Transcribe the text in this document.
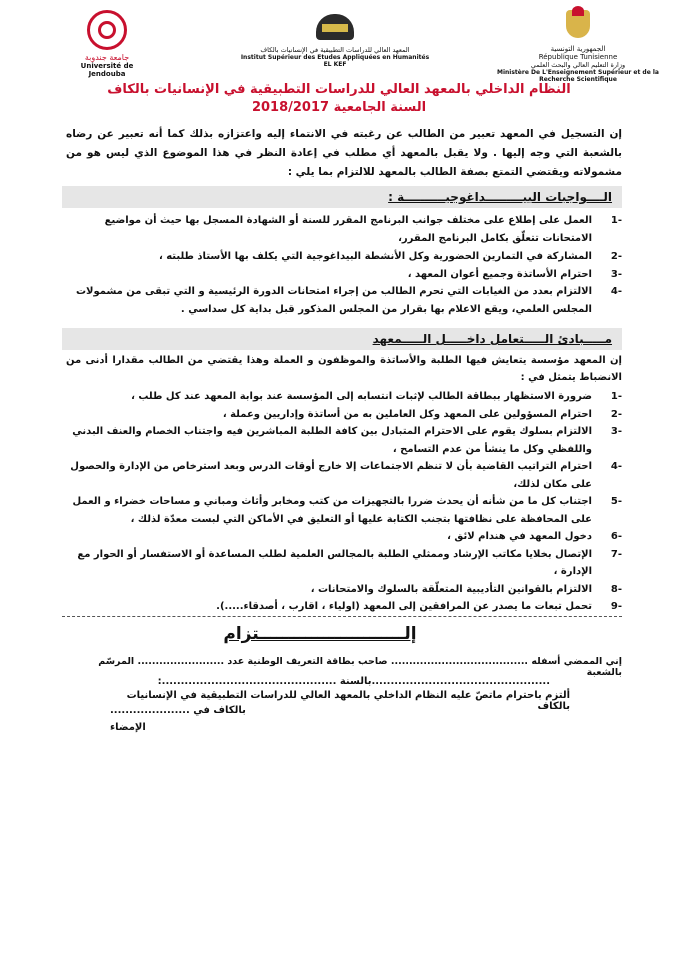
جامعة جندوبة
Université de Jendouba
المعهد العالي للدراسات التطبيقية في الإنسانيات بالكاف
Institut Supérieur des Etudes Appliquées en Humanités EL KEF
الجمهورية التونسية
République Tunisienne
وزارة التعليم العالي والبحث العلمي
Ministère De L'Enseignement Supérieur et de la Recherche Scientifique
النظام الداخلي بالمعهد العالي للدراسات التطبيقية في الإنسانيات بالكاف
السنة الجامعية 2018/2017
إن التسجيل في المعهد تعبير من الطالب عن رغبته في الانتماء إليه واعتزازه بذلك كما أنه تعبير عن رضاه بالشعبة التي وجه إليها . ولا يقبل بالمعهد أي مطلب في إعادة النظر في هذا الموضوع الذي ليس هو من مشمولاته ويقتضي التمتع بصفة الطالب بالمعهد للالتزام بما يلي :
الــــواجبات البيـــــــــداغوجيــــــــــة :
-1
العمل على إطلاع على مختلف جوانب البرنامج المقرر للسنة أو الشهادة المسجل بها حيث أن مواضيع الامتحانات تتعلّق بكامل البرنامج المقرر،
-2
المشاركة في التمارين الحضورية وكل الأنشطة البيداغوجية التي يكلف بها الأستاذ طلبته ،
-3
احترام الأساتذة وجميع أعوان المعهد ،
-4
الالتزام بعدد من الغيابات التي تحرم الطالب من إجراء امتحانات الدورة الرئيسية و التي تبقى من مشمولات المجلس العلمي، ويقع الاعلام بها بقرار من المجلس المذكور قبل بداية كل سداسي .
مـــــبادئ الـــــتعامل داخـــــل الـــــمعهد
إن المعهد مؤسسة يتعايش فيها الطلبة والأساتذة والموظفون و العملة وهذا يقتضي من الطالب مقدارا أدنى من الانضباط يتمثل في :
-1
ضرورة الاستظهار ببطاقة الطالب لإثبات انتسابه إلى المؤسسة عند بوابة المعهد عند كل طلب ،
-2
احترام المسؤولين على المعهد وكل العاملين به من أساتذة وإداريين وعملة ،
-3
الالتزام بسلوك يقوم على الاحترام المتبادل بين كافة الطلبة المباشرين فيه واجتناب الخصام والعنف البدني واللفظي وكل ما ينشأ من عدم التسامح ،
-4
احترام التراتيب القاضية بأن لا تنظم الاجتماعات إلا خارج أوقات الدرس وبعد استرخاص من الإدارة والحصول على مكان لذلك،
-5
اجتناب كل ما من شأنه أن يحدث ضررا بالتجهيزات من كتب ومخابر وأثاث ومباني و مساحات خضراء و العمل على المحافظة على نظافتها بتجنب الكتابة عليها أو التعليق في الأماكن التي لبست معدّة لذلك ،
-6
دخول المعهد في هندام لائق ،
-7
الإتصال بخلايا مكاتب الإرشاد وممثلي الطلبة بالمجالس العلمية لطلب المساعدة أو الاستفسار أو الحوار مع الإدارة ،
-8
الالتزام بالقوانين التأديبية المتعلّقة بالسلوك والامتحانات ،
-9
تحمل تبعات ما يصدر عن المرافقين إلى المعهد (اولياء ، اقارب ، أصدقاء.....).
إلـــــــــــــــــــــــــتزام
إني الممضي أسفله ...................................... صاحب بطاقة التعريف الوطنية عدد ........................ المرسّم بالشعبة
...............................................بالسنة ..............................................:
ألتزم باحترام ماتصّ عليه النظام الداخلي بالمعهد العالي للدراسات التطبيقية في الإنسانيات بالكاف
بالكاف في .....................
الإمضاء
